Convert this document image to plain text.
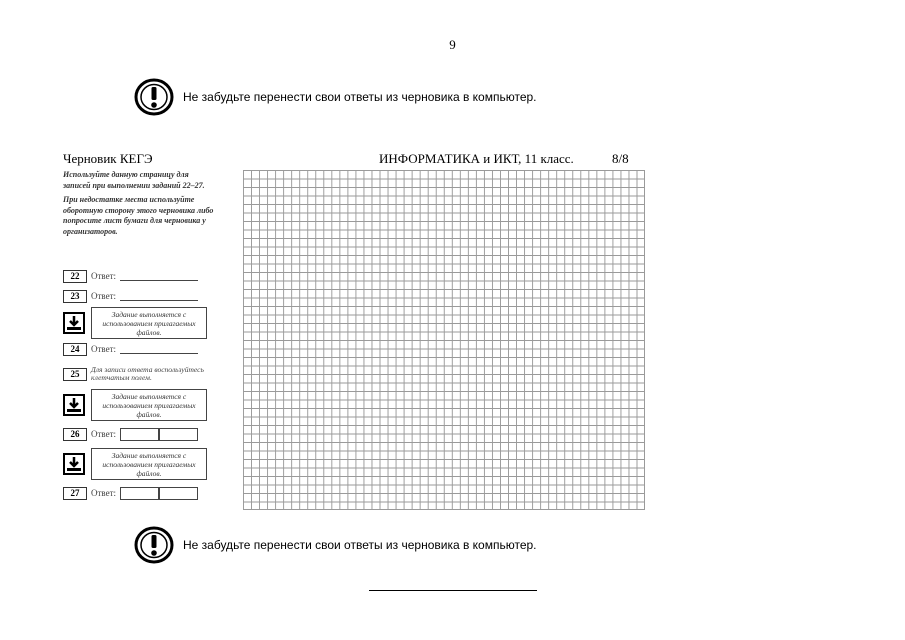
9
Не забудьте перенести свои ответы из черновика в компьютер.
Черновик КЕГЭ	ИНФОРМАТИКА и ИКТ, 11 класс.	8/8

Используйте данную страницу для записей при выполнении заданий 22–27.

При недостатке места используйте оборотную сторону этого черновика либо попросите лист бумаги для черновика у организаторов.

22	Ответ:
23	Ответ:
Задание выполняется с использованием прилагаемых файлов.
24	Ответ:
25	Для записи ответа воспользуйтесь клетчатым полем.
Задание выполняется с использованием прилагаемых файлов.
26	Ответ:
Задание выполняется с использованием прилагаемых файлов.
27	Ответ:
Не забудьте перенести свои ответы из черновика в компьютер.
